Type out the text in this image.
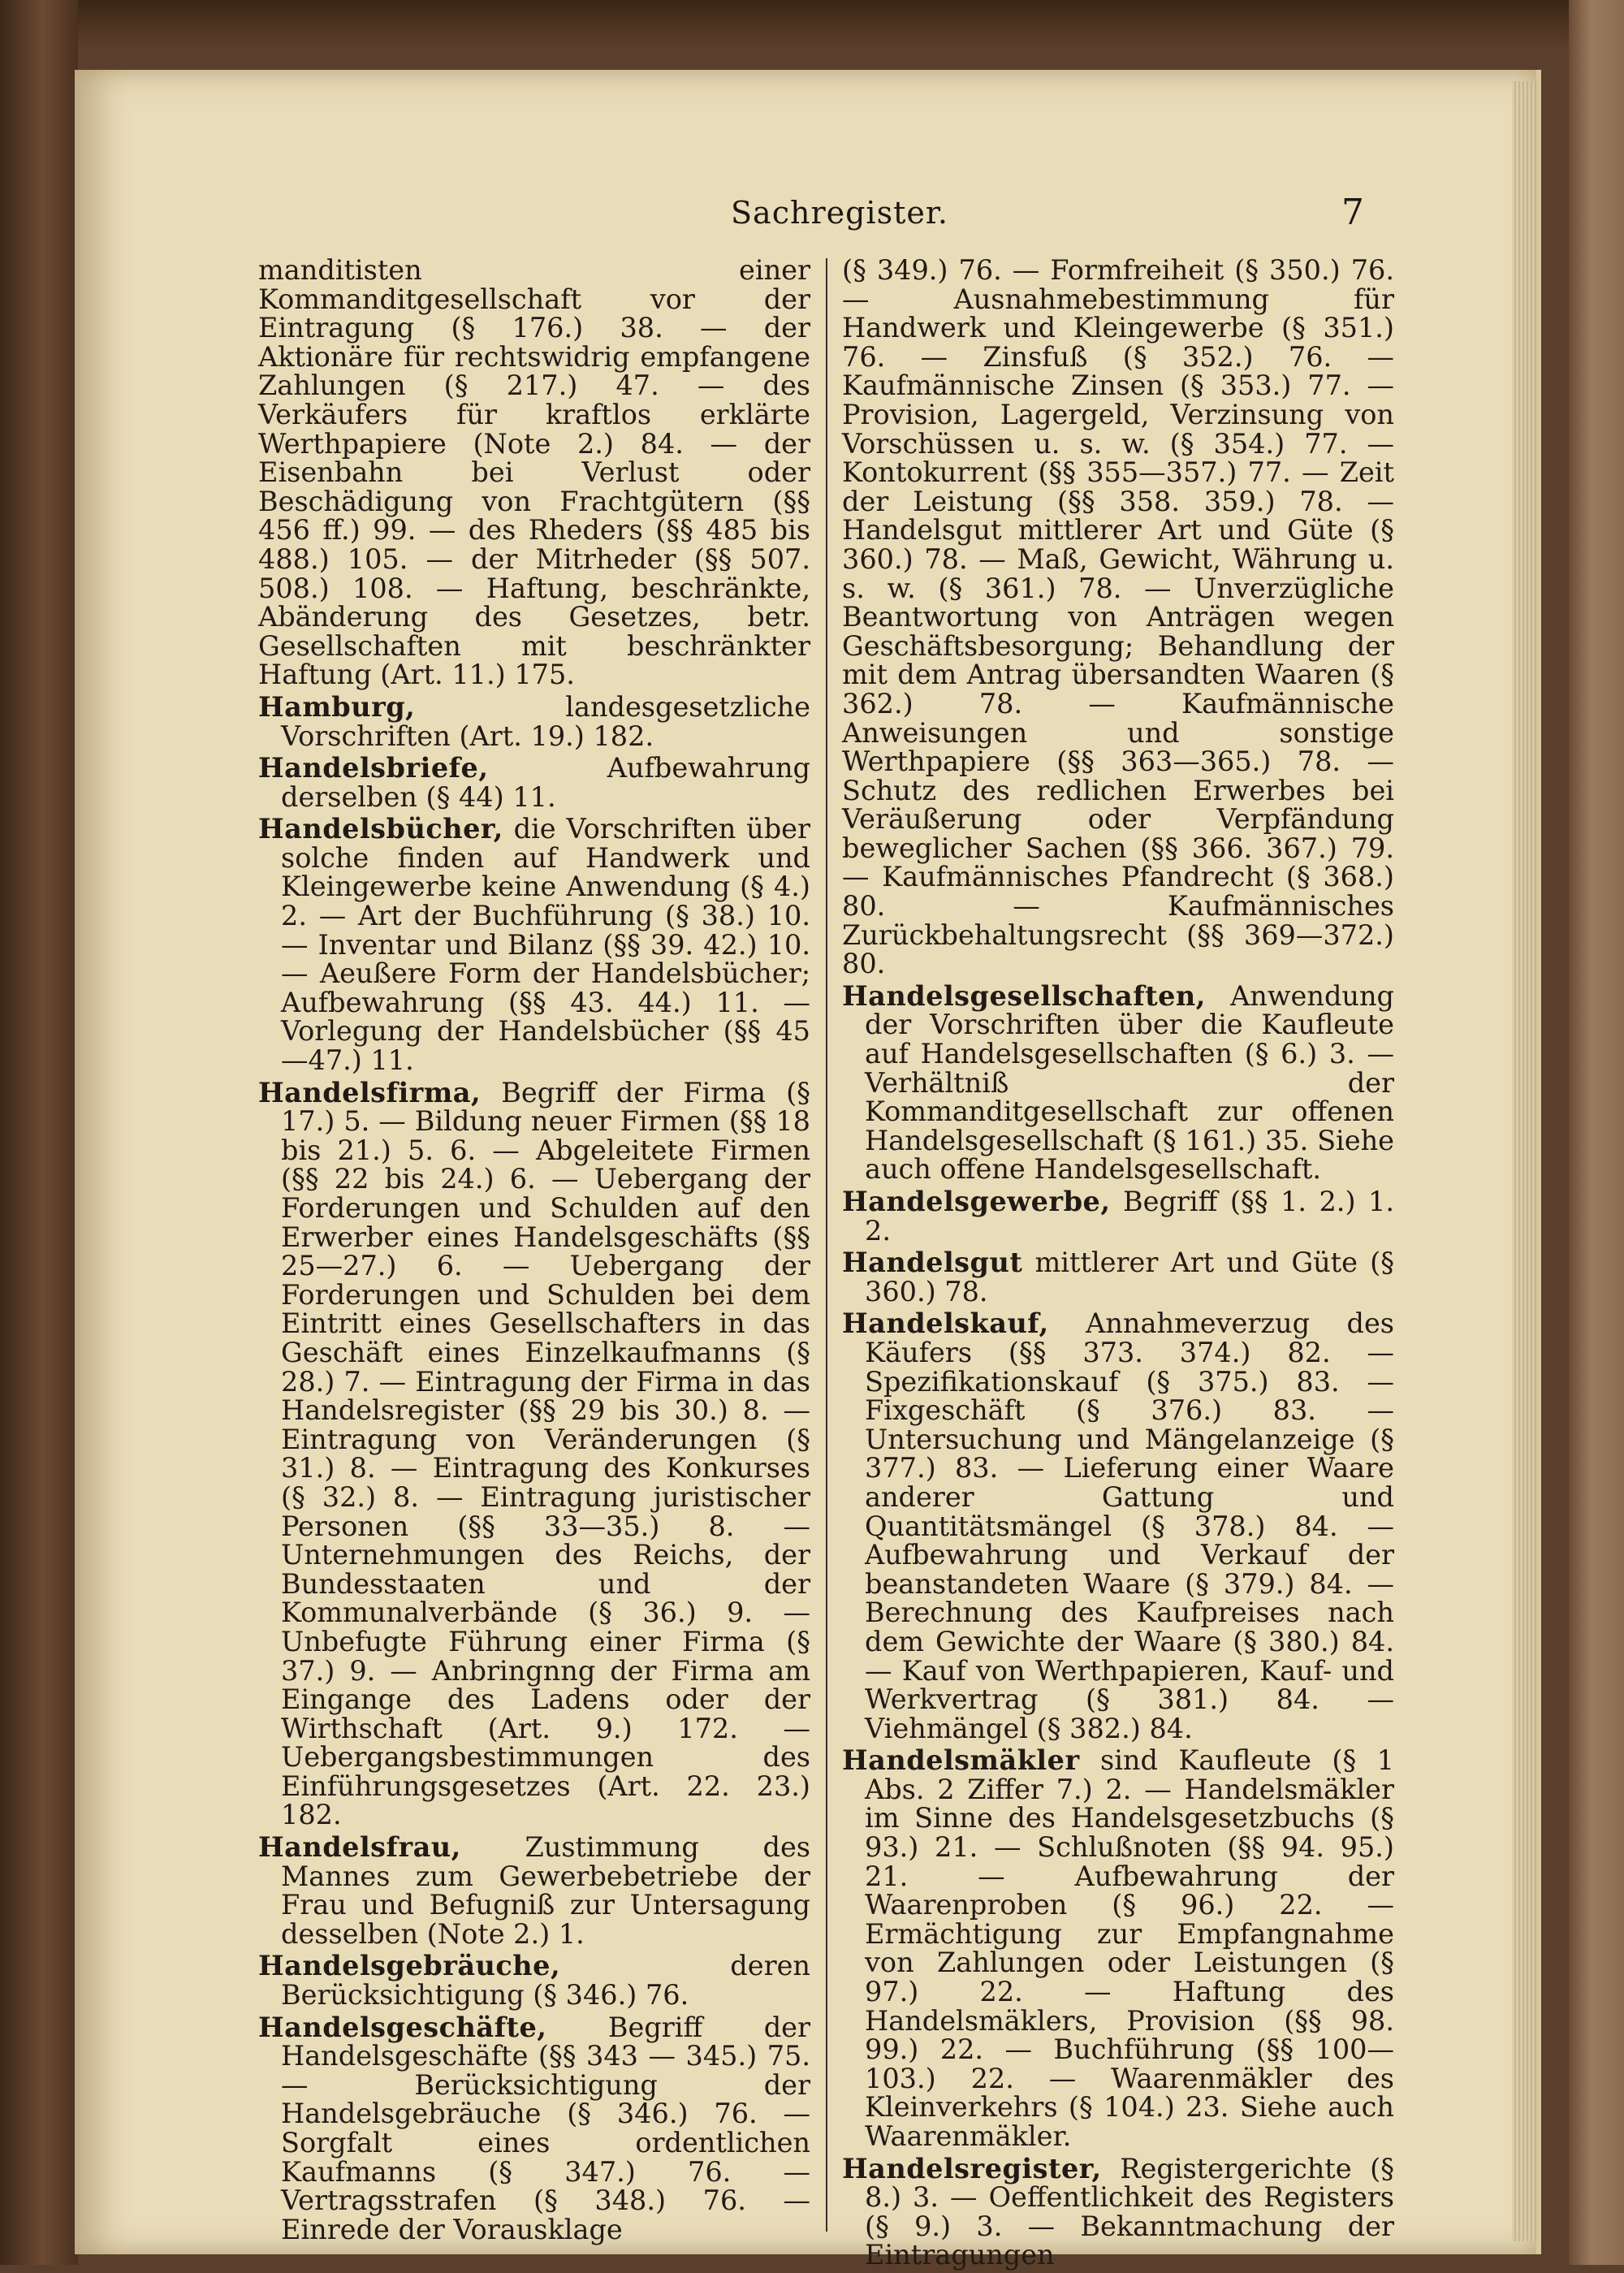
Sachregister.	7

manditisten einer Kommanditgesellschaft vor der Eintragung (§ 176.) 38. — der Aktionäre für rechtswidrig empfangene Zahlungen (§ 217.) 47. — des Verkäufers für kraftlos erklärte Werthpapiere (Note 2.) 84. — der Eisenbahn bei Verlust oder Beschädigung von Frachtgütern (§§ 456 ff.) 99. — des Rheders (§§ 485 bis 488.) 105. — der Mitrheder (§§ 507. 508.) 108. — Haftung, beschränkte, Abänderung des Gesetzes, betr. Gesellschaften mit beschränkter Haftung (Art. 11.) 175.

Hamburg, landesgesetzliche Vorschriften (Art. 19.) 182.

Handelsbriefe, Aufbewahrung derselben (§ 44) 11.

Handelsbücher, die Vorschriften über solche finden auf Handwerk und Kleingewerbe keine Anwendung (§ 4.) 2. — Art der Buchführung (§ 38.) 10. — Inventar und Bilanz (§§ 39. 42.) 10. — Aeußere Form der Handelsbücher; Aufbewahrung (§§ 43. 44.) 11. — Vorlegung der Handelsbücher (§§ 45—47.) 11.

Handelsfirma, Begriff der Firma (§ 17.) 5. — Bildung neuer Firmen (§§ 18 bis 21.) 5. 6. — Abgeleitete Firmen (§§ 22 bis 24.) 6. — Uebergang der Forderungen und Schulden auf den Erwerber eines Handelsgeschäfts (§§ 25—27.) 6. — Uebergang der Forderungen und Schulden bei dem Eintritt eines Gesellschafters in das Geschäft eines Einzelkaufmanns (§ 28.) 7. — Eintragung der Firma in das Handelsregister (§§ 29 bis 30.) 8. — Eintragung von Veränderungen (§ 31.) 8. — Eintragung des Konkurses (§ 32.) 8. — Eintragung juristischer Personen (§§ 33—35.) 8. — Unternehmungen des Reichs, der Bundesstaaten und der Kommunalverbände (§ 36.) 9. — Unbefugte Führung einer Firma (§ 37.) 9. — Anbringnng der Firma am Eingange des Ladens oder der Wirthschaft (Art. 9.) 172. — Uebergangsbestimmungen des Einführungsgesetzes (Art. 22. 23.) 182.

Handelsfrau, Zustimmung des Mannes zum Gewerbebetriebe der Frau und Befugniß zur Untersagung desselben (Note 2.) 1.

Handelsgebräuche, deren Berücksichtigung (§ 346.) 76.

Handelsgeschäfte, Begriff der Handelsgeschäfte (§§ 343 — 345.) 75. — Berücksichtigung der Handelsgebräuche (§ 346.) 76. — Sorgfalt eines ordentlichen Kaufmanns (§ 347.) 76. — Vertragsstrafen (§ 348.) 76. — Einrede der Vorausklage

(§ 349.) 76. — Formfreiheit (§ 350.) 76. — Ausnahmebestimmung für Handwerk und Kleingewerbe (§ 351.) 76. — Zinsfuß (§ 352.) 76. — Kaufmännische Zinsen (§ 353.) 77. — Provision, Lagergeld, Verzinsung von Vorschüssen u. s. w. (§ 354.) 77. — Kontokurrent (§§ 355—357.) 77. — Zeit der Leistung (§§ 358. 359.) 78. — Handelsgut mittlerer Art und Güte (§ 360.) 78. — Maß, Gewicht, Währung u. s. w. (§ 361.) 78. — Unverzügliche Beantwortung von Anträgen wegen Geschäftsbesorgung; Behandlung der mit dem Antrag übersandten Waaren (§ 362.) 78. — Kaufmännische Anweisungen und sonstige Werthpapiere (§§ 363—365.) 78. — Schutz des redlichen Erwerbes bei Veräußerung oder Verpfändung beweglicher Sachen (§§ 366. 367.) 79. — Kaufmännisches Pfandrecht (§ 368.) 80. — Kaufmännisches Zurückbehaltungsrecht (§§ 369—372.) 80.

Handelsgesellschaften, Anwendung der Vorschriften über die Kaufleute auf Handelsgesellschaften (§ 6.) 3. — Verhältniß der Kommanditgesellschaft zur offenen Handelsgesellschaft (§ 161.) 35. Siehe auch offene Handelsgesellschaft.

Handelsgewerbe, Begriff (§§ 1. 2.) 1. 2.

Handelsgut mittlerer Art und Güte (§ 360.) 78.

Handelskauf, Annahmeverzug des Käufers (§§ 373. 374.) 82. — Spezifikationskauf (§ 375.) 83. — Fixgeschäft (§ 376.) 83. — Untersuchung und Mängelanzeige (§ 377.) 83. — Lieferung einer Waare anderer Gattung und Quantitätsmängel (§ 378.) 84. — Aufbewahrung und Verkauf der beanstandeten Waare (§ 379.) 84. — Berechnung des Kaufpreises nach dem Gewichte der Waare (§ 380.) 84. — Kauf von Werthpapieren, Kauf- und Werkvertrag (§ 381.) 84. — Viehmängel (§ 382.) 84.

Handelsmäkler sind Kaufleute (§ 1 Abs. 2 Ziffer 7.) 2. — Handelsmäkler im Sinne des Handelsgesetzbuchs (§ 93.) 21. — Schlußnoten (§§ 94. 95.) 21. — Aufbewahrung der Waarenproben (§ 96.) 22. — Ermächtigung zur Empfangnahme von Zahlungen oder Leistungen (§ 97.) 22. — Haftung des Handelsmäklers, Provision (§§ 98. 99.) 22. — Buchführung (§§ 100—103.) 22. — Waarenmäkler des Kleinverkehrs (§ 104.) 23. Siehe auch Waarenmäkler.

Handelsregister, Registergerichte (§ 8.) 3. — Oeffentlichkeit des Registers (§ 9.) 3. — Bekanntmachung der Eintragungen
